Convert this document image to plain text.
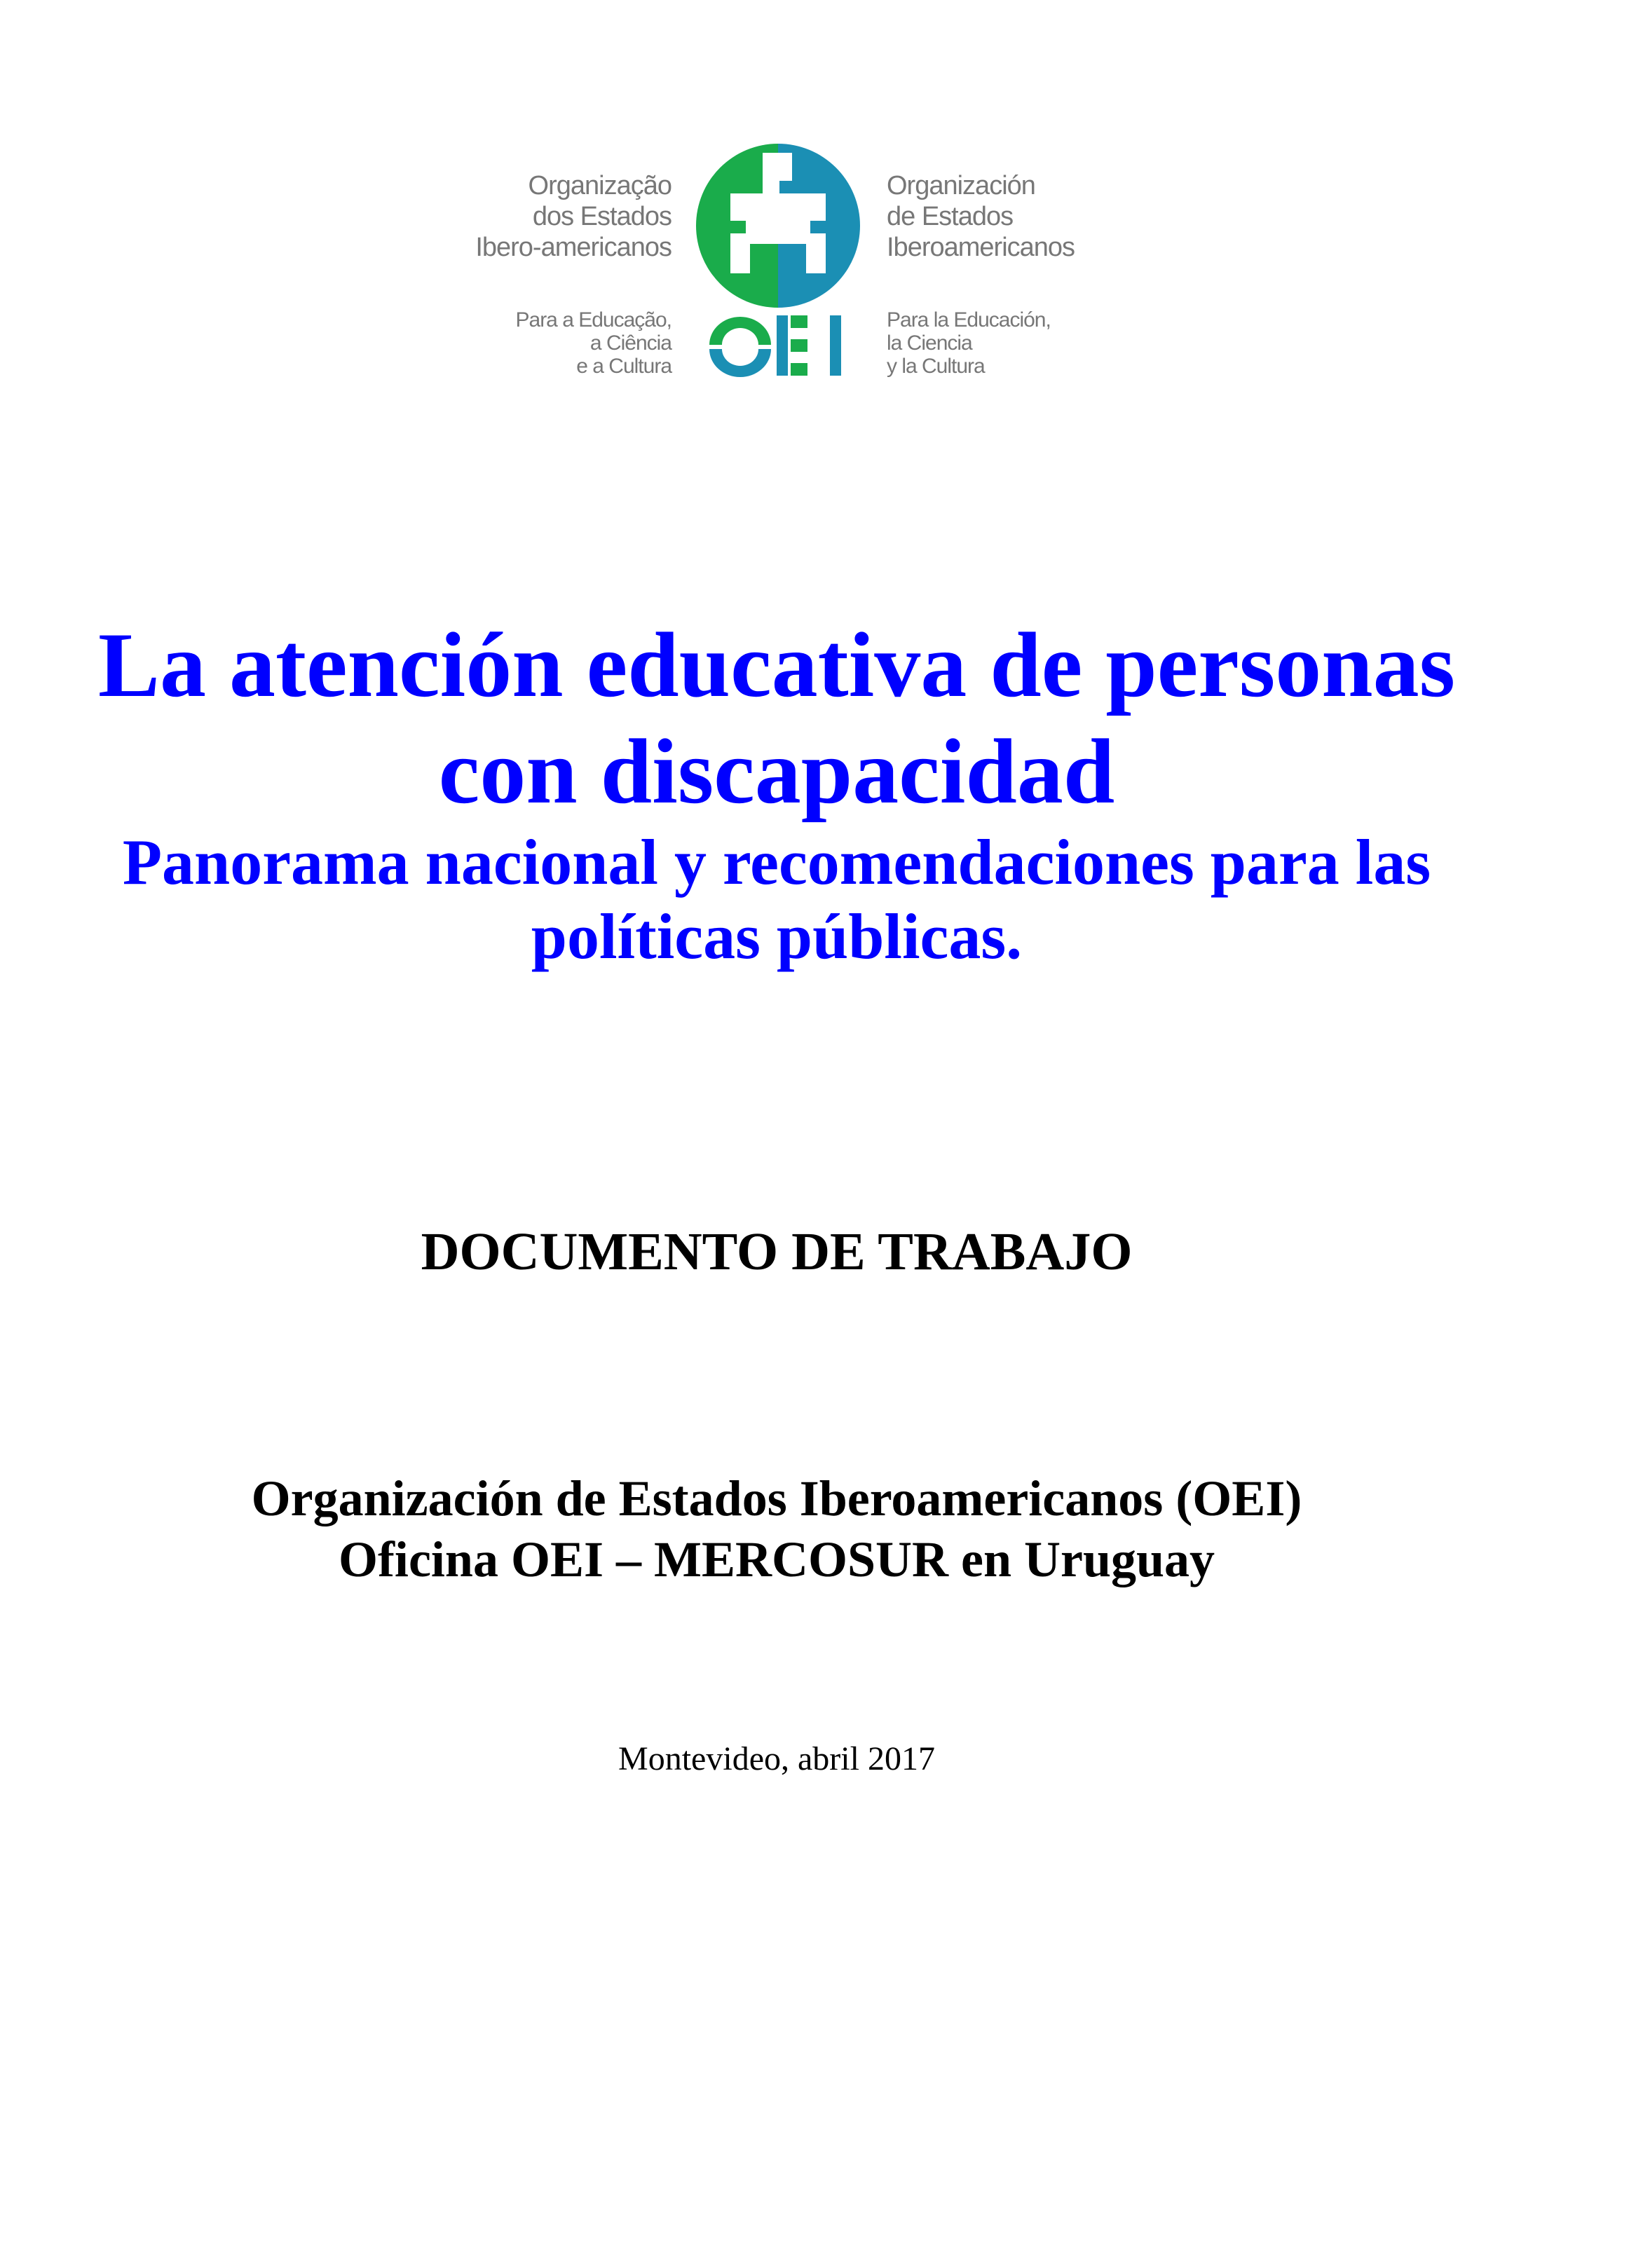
Organização
dos Estados
Ibero-americanos
Para a Educação,
a Ciência
e a Cultura
Organización
de Estados
Iberoamericanos
Para la Educación,
la Ciencia
y la Cultura
La atención educativa de personas
con discapacidad
Panorama nacional y recomendaciones para las
políticas públicas.
DOCUMENTO DE TRABAJO
Organización de Estados Iberoamericanos (OEI)
Oficina OEI – MERCOSUR en Uruguay
Montevideo, abril 2017
